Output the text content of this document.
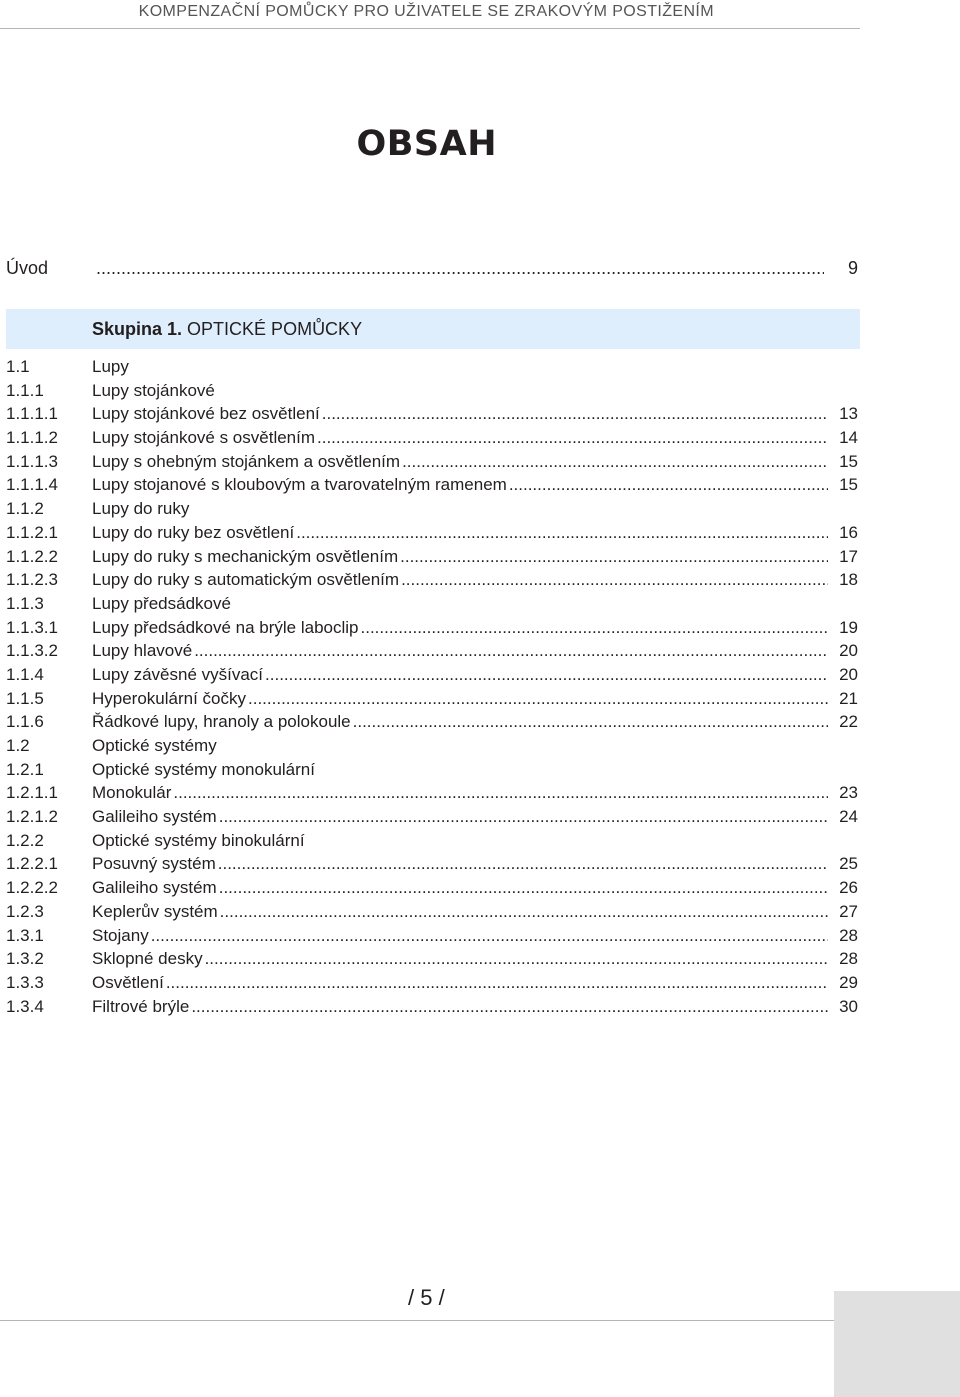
KOMPENZAČNÍ POMŮCKY PRO UŽIVATELE SE ZRAKOVÝM POSTIŽENÍM
OBSAH
Úvod .....	9
Skupina 1. OPTICKÉ POMŮCKY
1.1	Lupy
1.1.1	Lupy stojánkové
1.1.1.1	Lupy stojánkové bez osvětlení .....	13
1.1.1.2	Lupy stojánkové s osvětlením .....	14
1.1.1.3	Lupy s ohebným stojánkem a osvětlením .....	15
1.1.1.4	Lupy stojanové s kloubovým a tvarovatelným ramenem .....	15
1.1.2	Lupy do ruky
1.1.2.1	Lupy do ruky bez osvětlení .....	16
1.1.2.2	Lupy do ruky s mechanickým osvětlením .....	17
1.1.2.3	Lupy do ruky s automatickým osvětlením .....	18
1.1.3	Lupy předsádkové
1.1.3.1	Lupy předsádkové na brýle laboclip .....	19
1.1.3.2	Lupy hlavové .....	20
1.1.4	Lupy závěsné vyšívací .....	20
1.1.5	Hyperokulární čočky .....	21
1.1.6	Řádkové lupy, hranoly a polokoule .....	22
1.2	Optické systémy
1.2.1	Optické systémy monokulární
1.2.1.1	Monokulár .....	23
1.2.1.2	Galileiho systém .....	24
1.2.2	Optické systémy binokulární
1.2.2.1	Posuvný systém .....	25
1.2.2.2	Galileiho systém .....	26
1.2.3	Keplerův systém .....	27
1.3.1	Stojany .....	28
1.3.2	Sklopné desky .....	28
1.3.3	Osvětlení .....	29
1.3.4	Filtrové brýle .....	30
/ 5 /
